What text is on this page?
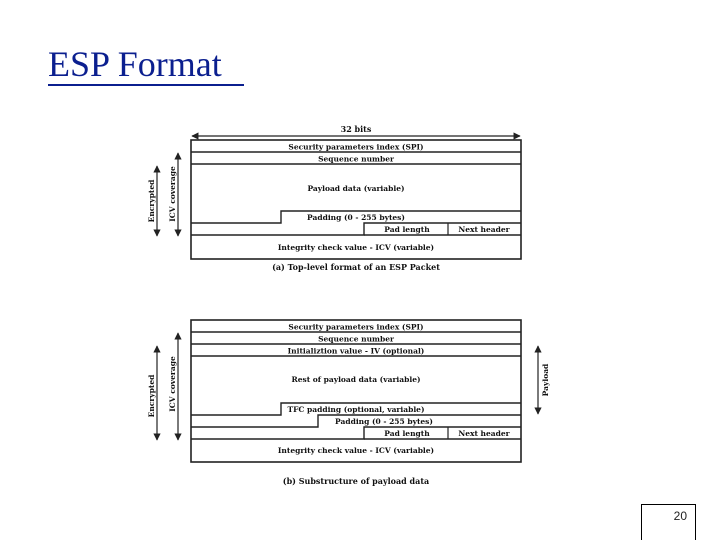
ESP Format
32 bits
Security parameters index (SPI)
Sequence number
Payload data (variable)
Padding (0 - 255 bytes)
Pad length	Next header
Integrity check value - ICV (variable)
Encrypted ICV coverage
(a) Top-level format of an ESP Packet
Security parameters index (SPI)
Sequence number
Initializtion value - IV (optional)
Rest of payload data (variable)
TFC padding (optional, variable)
Padding (0 - 255 bytes)
Pad length	Next header
Integrity check value - ICV (variable)
Encrypted ICV coverage	Payload
(b) Substructure of payload data
20
